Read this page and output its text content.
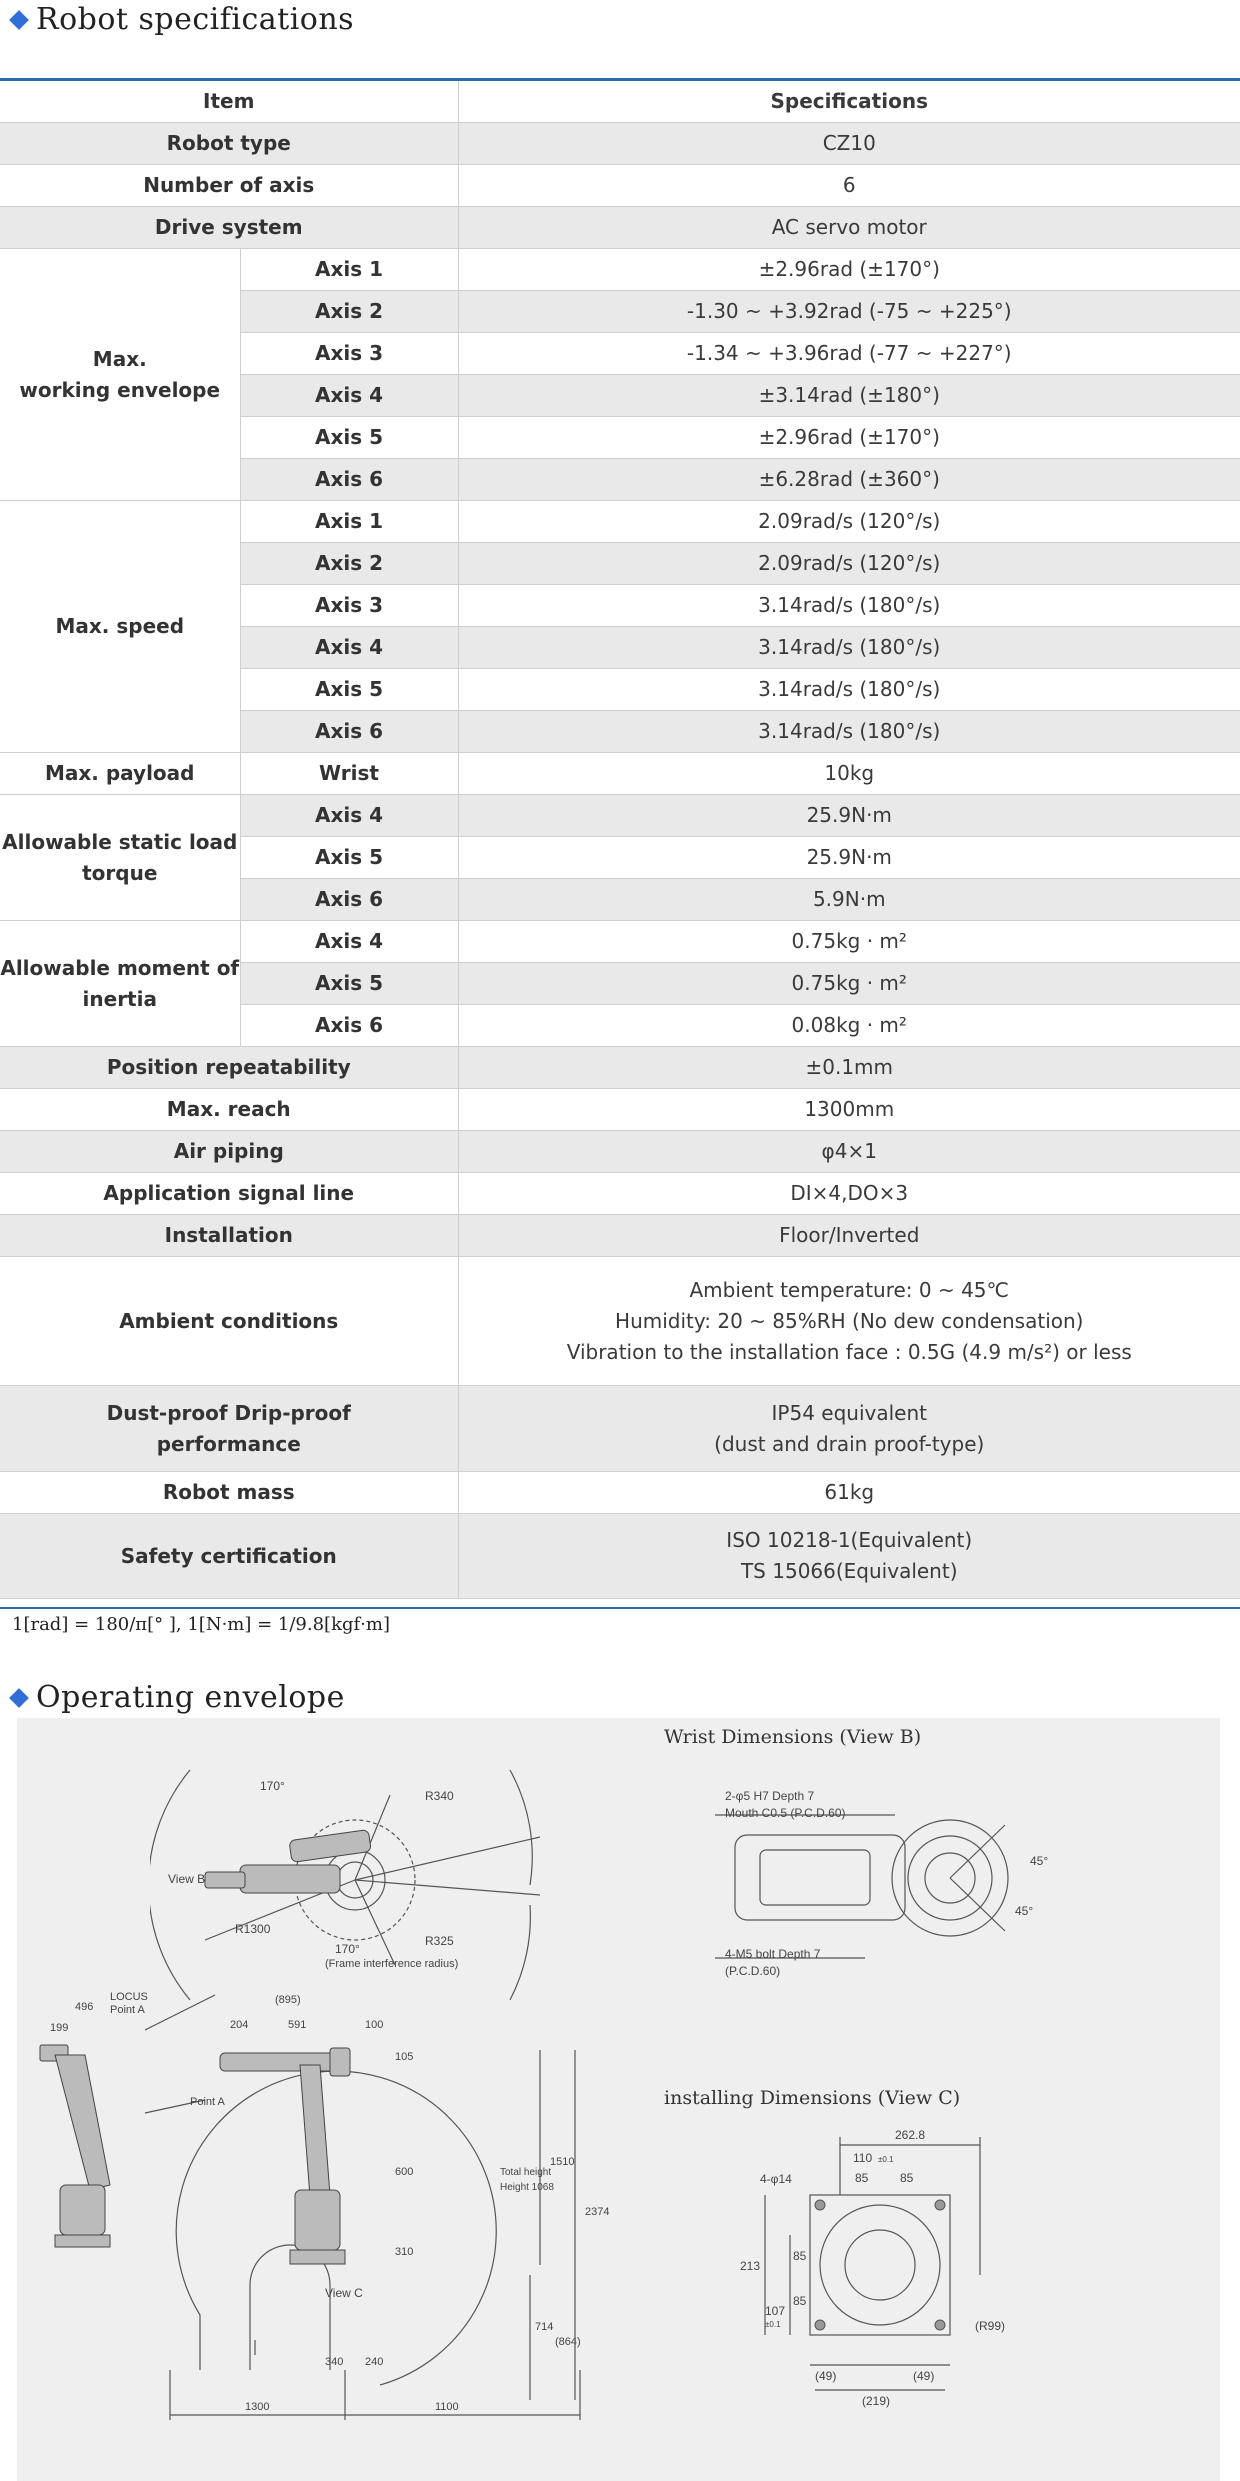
Robot specifications
Item		Specifications
Robot type		CZ10
Number of axis		6
Drive system		AC servo motor
Max.
working envelope	Axis 1	±2.96rad (±170°)
	Axis 2	-1.30 ~ +3.92rad (-75 ~ +225°)
	Axis 3	-1.34 ~ +3.96rad (-77 ~ +227°)
	Axis 4	±3.14rad (±180°)
	Axis 5	±2.96rad (±170°)
	Axis 6	±6.28rad (±360°)
Max. speed	Axis 1	2.09rad/s (120°/s)
	Axis 2	2.09rad/s (120°/s)
	Axis 3	3.14rad/s (180°/s)
	Axis 4	3.14rad/s (180°/s)
	Axis 5	3.14rad/s (180°/s)
	Axis 6	3.14rad/s (180°/s)
Max. payload	Wrist	10kg
Allowable static load
torque	Axis 4	25.9N·m
	Axis 5	25.9N·m
	Axis 6	5.9N·m
Allowable moment of
inertia	Axis 4	0.75kg · m²
	Axis 5	0.75kg · m²
	Axis 6	0.08kg · m²
Position repeatability		±0.1mm
Max. reach		1300mm
Air piping		φ4×1
Application signal line		DI×4,DO×3
Installation		Floor/Inverted
Ambient conditions		Ambient temperature: 0 ~ 45℃
Humidity: 20 ~ 85%RH (No dew condensation)
Vibration to the installation face : 0.5G (4.9 m/s²) or less

Dust-proof Drip-proof
performance		IP54 equivalent
(dust and drain proof-type)
Robot mass		61kg
Safety certification		ISO 10218-1(Equivalent)
TS 15066(Equivalent)
1[rad] = 180/π[° ], 1[N·m] = 1/9.8[kgf·m]
Operating envelope
Wrist Dimensions (View B)
installing Dimensions (View C)
170°
R340
View B
R1300
R325
170°
(Frame interference radius)
LOCUS
Point A
Point A
View C
496
199
(895)
204	591	100
105
600
310
1510
2374
Total height
Height 1068
714
(864)
340 240
1300	1100
2-φ5 H7 Depth 7
Mouth C0.5 (P.C.D.60)
4-M5 bolt Depth 7
(P.C.D.60)
45°
45°
262.8
110 ±0.1
85	85
4-φ14
213
107
±0.1
85
85
(49)	(49)
(219)
(R99)
